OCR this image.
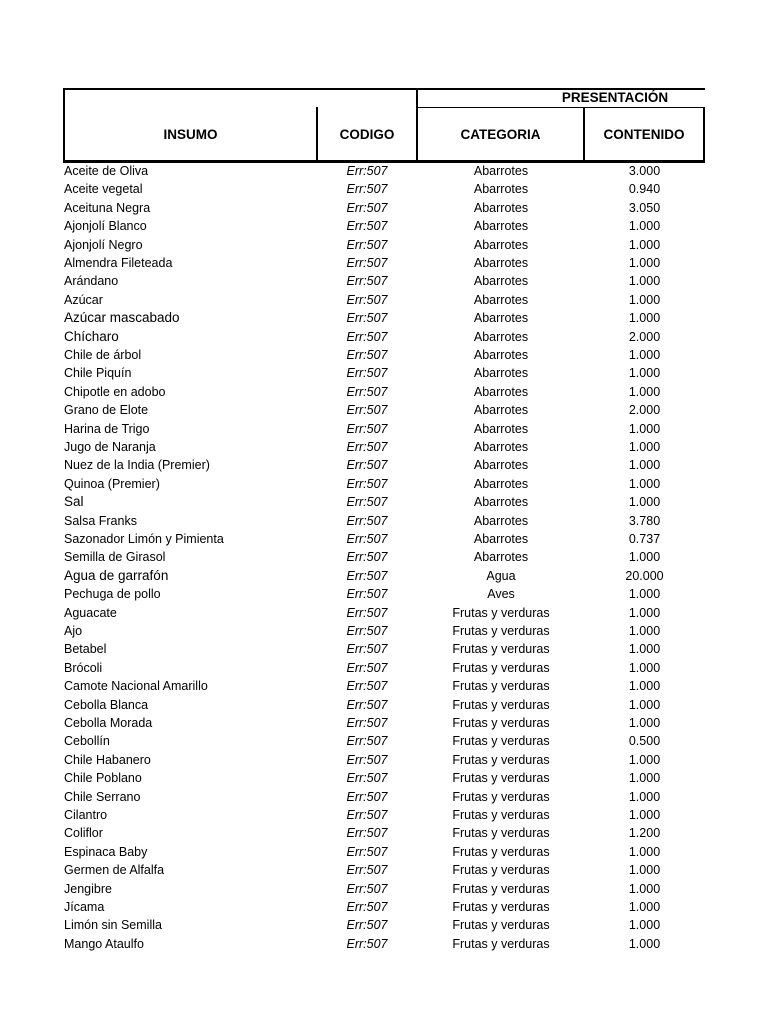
PRESENTACIÓN
INSUMO	CODIGO	CATEGORIA	CONTENIDO
Aceite de Oliva	Err:507	Abarrotes	3.000
Aceite vegetal	Err:507	Abarrotes	0.940
Aceituna Negra	Err:507	Abarrotes	3.050
Ajonjolí Blanco	Err:507	Abarrotes	1.000
Ajonjolí Negro	Err:507	Abarrotes	1.000
Almendra Fileteada	Err:507	Abarrotes	1.000
Arándano	Err:507	Abarrotes	1.000
Azúcar	Err:507	Abarrotes	1.000
Azúcar mascabado	Err:507	Abarrotes	1.000
Chícharo	Err:507	Abarrotes	2.000
Chile de árbol	Err:507	Abarrotes	1.000
Chile Piquín	Err:507	Abarrotes	1.000
Chipotle en adobo	Err:507	Abarrotes	1.000
Grano de Elote	Err:507	Abarrotes	2.000
Harina de Trigo	Err:507	Abarrotes	1.000
Jugo de Naranja	Err:507	Abarrotes	1.000
Nuez de la India (Premier)	Err:507	Abarrotes	1.000
Quinoa (Premier)	Err:507	Abarrotes	1.000
Sal	Err:507	Abarrotes	1.000
Salsa Franks	Err:507	Abarrotes	3.780
Sazonador Limón y Pimienta	Err:507	Abarrotes	0.737
Semilla de Girasol	Err:507	Abarrotes	1.000
Agua de garrafón	Err:507	Agua	20.000
Pechuga de pollo	Err:507	Aves	1.000
Aguacate	Err:507	Frutas y verduras	1.000
Ajo	Err:507	Frutas y verduras	1.000
Betabel	Err:507	Frutas y verduras	1.000
Brócoli	Err:507	Frutas y verduras	1.000
Camote Nacional Amarillo	Err:507	Frutas y verduras	1.000
Cebolla Blanca	Err:507	Frutas y verduras	1.000
Cebolla Morada	Err:507	Frutas y verduras	1.000
Cebollín	Err:507	Frutas y verduras	0.500
Chile Habanero	Err:507	Frutas y verduras	1.000
Chile Poblano	Err:507	Frutas y verduras	1.000
Chile Serrano	Err:507	Frutas y verduras	1.000
Cilantro	Err:507	Frutas y verduras	1.000
Coliflor	Err:507	Frutas y verduras	1.200
Espinaca Baby	Err:507	Frutas y verduras	1.000
Germen de Alfalfa	Err:507	Frutas y verduras	1.000
Jengibre	Err:507	Frutas y verduras	1.000
Jícama	Err:507	Frutas y verduras	1.000
Limón sin Semilla	Err:507	Frutas y verduras	1.000
Mango Ataulfo	Err:507	Frutas y verduras	1.000
